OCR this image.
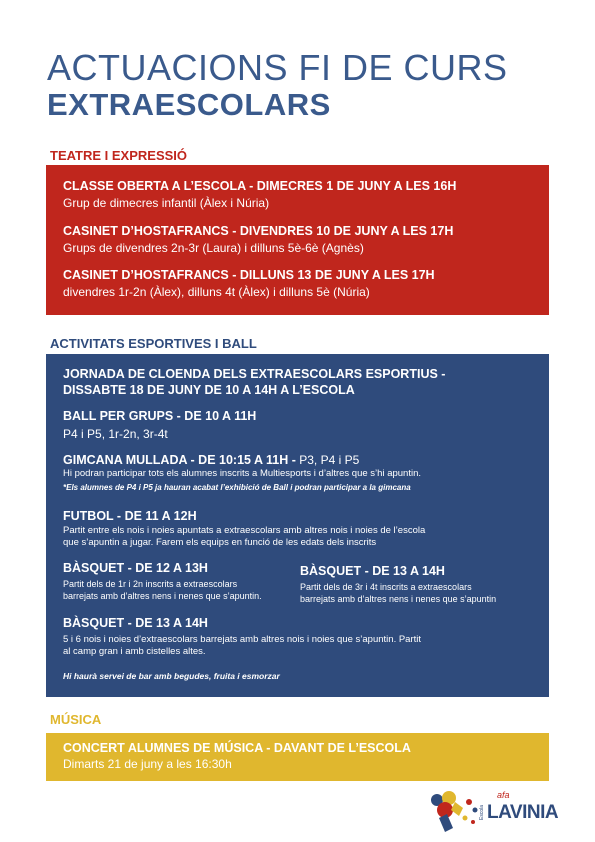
ACTUACIONS FI DE CURS
EXTRAESCOLARS
TEATRE I EXPRESSIÓ
CLASSE OBERTA A L’ESCOLA - DIMECRES 1 DE JUNY A LES 16H
Grup de dimecres infantil (Àlex i Núria)
CASINET D’HOSTAFRANCS - DIVENDRES 10 DE JUNY A LES 17H
Grups de divendres 2n-3r (Laura) i dilluns 5è-6è (Agnès)
CASINET D’HOSTAFRANCS - DILLUNS 13 DE JUNY A LES 17H
divendres 1r-2n (Àlex), dilluns 4t (Àlex) i dilluns 5è (Núria)
ACTIVITATS ESPORTIVES I BALL
JORNADA DE CLOENDA DELS EXTRAESCOLARS ESPORTIUS -
DISSABTE 18 DE JUNY DE 10 A 14H A L’ESCOLA
BALL PER GRUPS - DE 10 A 11H
P4 i P5, 1r-2n, 3r-4t
GIMCANA MULLADA - DE 10:15 A 11H - P3, P4 i P5
Hi podran participar tots els alumnes inscrits a Multiesports i d’altres que s’hi apuntin.
*Els alumnes de P4 i P5 ja hauran acabat l’exhibició de Ball i podran participar a la gimcana
FUTBOL - DE 11 A 12H
Partit entre els nois i noies apuntats a extraescolars amb altres nois i noies de l’escola
que s’apuntin a jugar. Farem els equips en funció de les edats dels inscrits
BÀSQUET - DE 12 A 13H
Partit dels de 1r i 2n inscrits a extraescolars
barrejats amb d’altres nens i nenes que s’apuntin.
BÀSQUET - DE 13 A 14H
Partit dels de 3r i 4t inscrits a extraescolars
barrejats amb d’altres nens i nenes que s’apuntin
BÀSQUET - DE 13 A 14H
5 i 6 nois i noies d’extraescolars barrejats amb altres nois i noies que s’apuntin. Partit
al camp gran i amb cistelles altes.
Hi haurà servei de bar amb begudes, fruita i esmorzar
MÚSICA
CONCERT ALUMNES DE MÚSICA - DAVANT DE L’ESCOLA
Dimarts 21 de juny a les 16:30h
Escola
afa
LAVINIA
